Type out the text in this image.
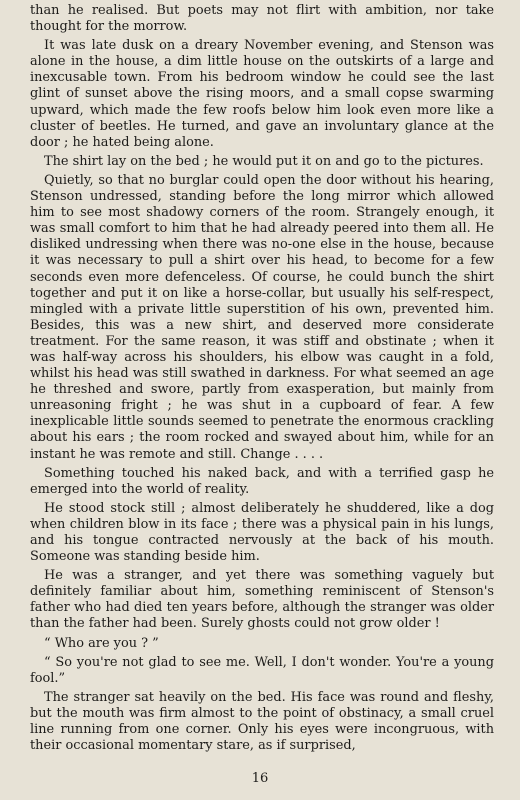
than he realised. But poets may not flirt with ambition, nor take thought for the morrow.

It was late dusk on a dreary November evening, and Stenson was alone in the house, a dim little house on the outskirts of a large and inexcusable town. From his bedroom window he could see the last glint of sunset above the rising moors, and a small copse swarming upward, which made the few roofs below him look even more like a cluster of beetles. He turned, and gave an involuntary glance at the door ; he hated being alone.

The shirt lay on the bed ; he would put it on and go to the pictures.

Quietly, so that no burglar could open the door without his hearing, Stenson undressed, standing before the long mirror which allowed him to see most shadowy corners of the room. Strangely enough, it was small comfort to him that he had already peered into them all. He disliked undressing when there was no-one else in the house, because it was necessary to pull a shirt over his head, to become for a few seconds even more defenceless. Of course, he could bunch the shirt together and put it on like a horse-collar, but usually his self-respect, mingled with a private little superstition of his own, prevented him. Besides, this was a new shirt, and deserved more considerate treatment. For the same reason, it was stiff and obstinate ; when it was half-way across his shoulders, his elbow was caught in a fold, whilst his head was still swathed in darkness. For what seemed an age he threshed and swore, partly from exasperation, but mainly from unreasoning fright ; he was shut in a cupboard of fear. A few inexplicable little sounds seemed to penetrate the enormous crackling about his ears ; the room rocked and swayed about him, while for an instant he was remote and still. Change . . . .

Something touched his naked back, and with a terrified gasp he emerged into the world of reality.

He stood stock still ; almost deliberately he shuddered, like a dog when children blow in its face ; there was a physical pain in his lungs, and his tongue contracted nervously at the back of his mouth. Someone was standing beside him.

He was a stranger, and yet there was something vaguely but definitely familiar about him, something reminiscent of Stenson's father who had died ten years before, although the stranger was older than the father had been. Surely ghosts could not grow older !

“ Who are you ? ”

“ So you're not glad to see me. Well, I don't wonder. You're a young fool.”

The stranger sat heavily on the bed. His face was round and fleshy, but the mouth was firm almost to the point of obstinacy, a small cruel line running from one corner. Only his eyes were incongruous, with their occasional momentary stare, as if surprised,

16
